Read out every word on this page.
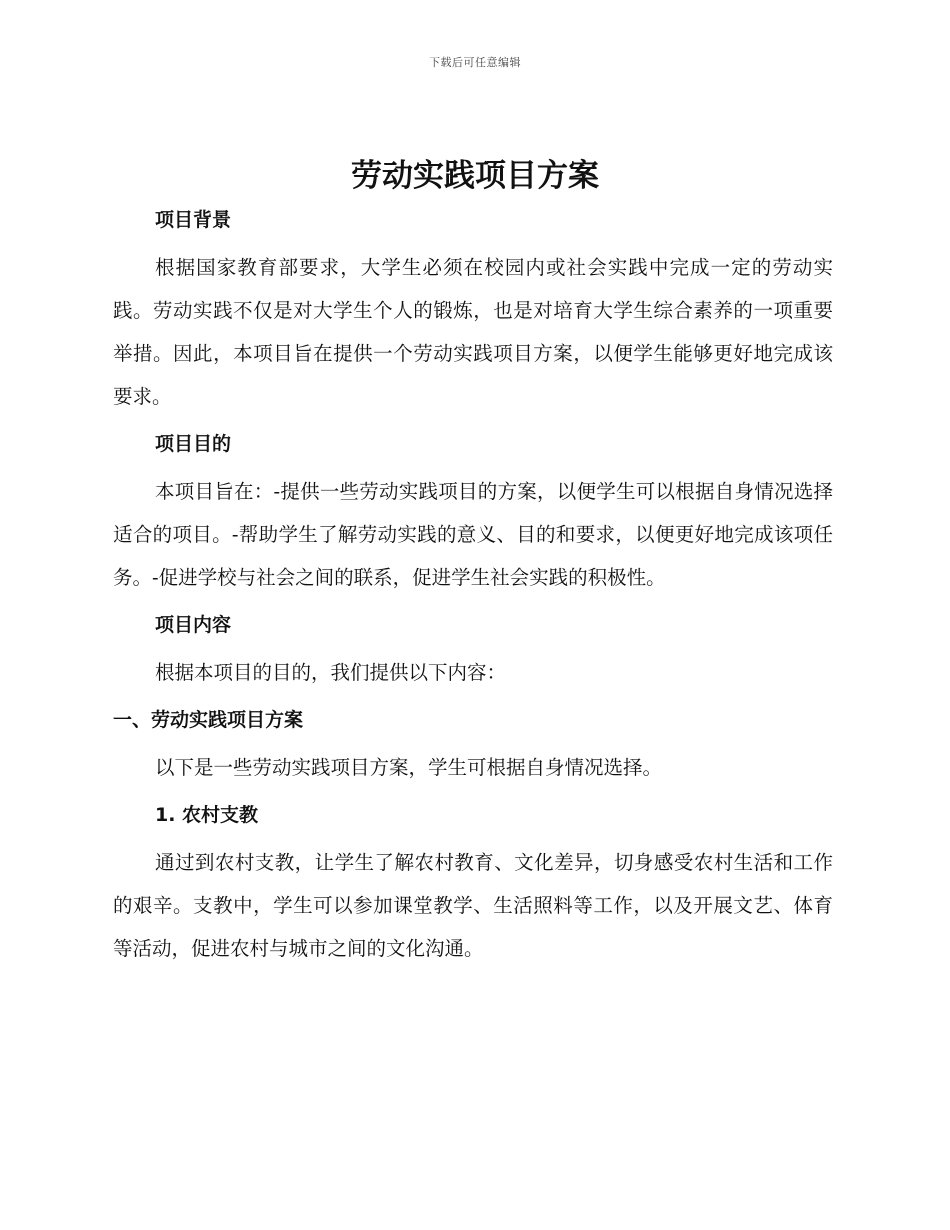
下载后可任意编辑
劳动实践项目方案
项目背景

根据国家教育部要求，大学生必须在校园内或社会实践中完成一定的劳动实践。劳动实践不仅是对大学生个人的锻炼，也是对培育大学生综合素养的一项重要举措。因此，本项目旨在提供一个劳动实践项目方案，以便学生能够更好地完成该要求。

项目目的

本项目旨在：-提供一些劳动实践项目的方案，以便学生可以根据自身情况选择适合的项目。-帮助学生了解劳动实践的意义、目的和要求，以便更好地完成该项任务。-促进学校与社会之间的联系，促进学生社会实践的积极性。

项目内容

根据本项目的目的，我们提供以下内容：

一、劳动实践项目方案

以下是一些劳动实践项目方案，学生可根据自身情况选择。

1. 农村支教

通过到农村支教，让学生了解农村教育、文化差异，切身感受农村生活和工作的艰辛。支教中，学生可以参加课堂教学、生活照料等工作，以及开展文艺、体育等活动，促进农村与城市之间的文化沟通。
